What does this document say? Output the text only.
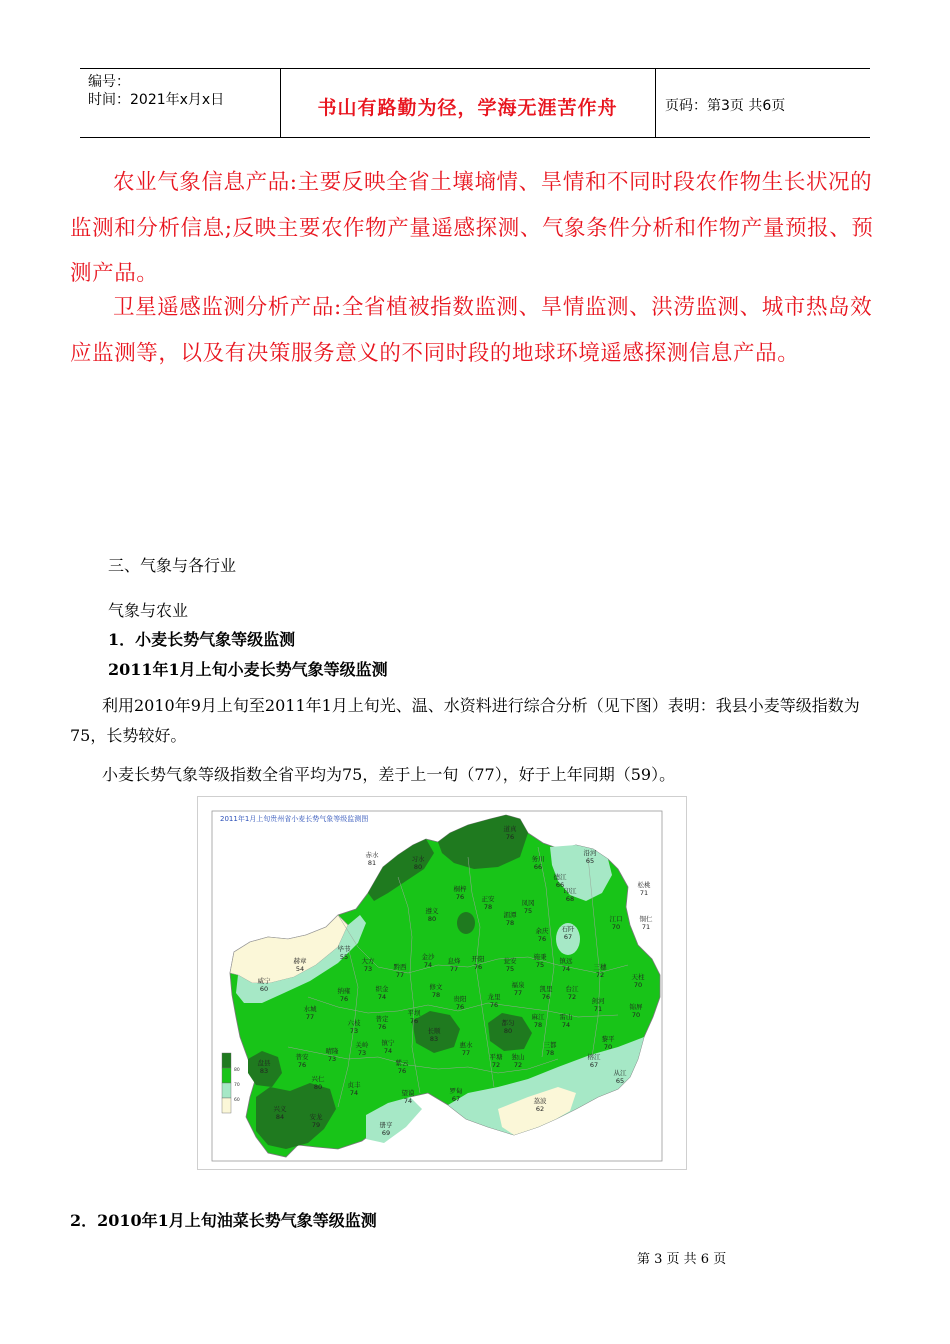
编号：
时间：2021年x月x日	书山有路勤为径，学海无涯苦作舟	页码：第3页 共6页
农业气象信息产品:主要反映全省土壤墒情、旱情和不同时段农作物生长状况的监测和分析信息;反映主要农作物产量遥感探测、气象条件分析和作物产量预报、预测产品。
卫星遥感监测分析产品:全省植被指数监测、旱情监测、洪涝监测、城市热岛效应监测等，以及有决策服务意义的不同时段的地球环境遥感探测信息产品。
三、气象与各行业
气象与农业
1．小麦长势气象等级监测
2011年1月上旬小麦长势气象等级监测
利用2010年9月上旬至2011年1月上旬光、温、水资料进行综合分析（见下图）表明：我县小麦等级指数为75，长势较好。
小麦长势气象等级指数全省平均为75，差于上一旬（77），好于上年同期（59）。
2011年1月上旬贵州省小麦长势气象等级监测图
赤水
81	习水
80
道真
76
务川
66
沿河
65
德江
66
桐梓
76	正安
78	凤冈
75
印江
68
松桃
71
铜仁
71
石阡
67
江口
70
遵义
80	湄潭
78
余庆
76
毕节
55
赫章
54
威宁
60
大方
73	黔西
77
金沙
74 息烽
77
开阳
76
瓮安
75
施秉
75 镇远
74	三穗
72	天柱
70
纳雍
76
织金
74
修文
78 贵阳
76
龙里
76
福泉
77	凯里
76
台江
72 剑河
71	锦屏
70
水城
77
六枝
73
普定
76
平坝
76
长顺
83
都匀
80
麻江
78
雷山
74
黎平
70
盘县
83
普安
76
晴隆
73
关岭
73
镇宁
74
紫云
76
惠水
77
三都
78
平塘
72
独山
72
榕江
67
从江
65
兴仁
80	贞丰
74
兴义
84	安龙
79	册亨
69
望谟
74
罗甸
67	荔波
62
80
70
60
2．2010年1月上旬油菜长势气象等级监测
第 3 页 共 6 页
